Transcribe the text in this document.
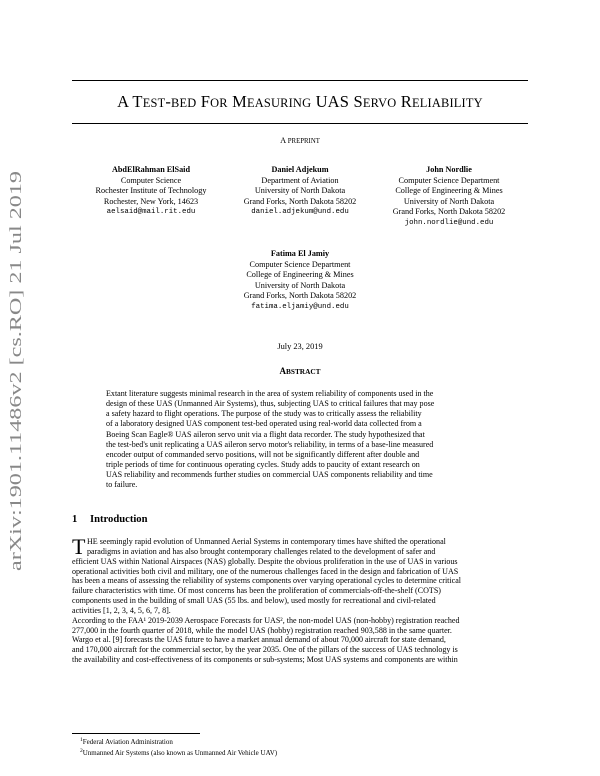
arXiv:1901.11486v2 [cs.RO] 21 Jul 2019
A TEST-BED FOR MEASURING UAS SERVO RELIABILITY
A PREPRINT
AbdElRahman ElSaid
Computer Science
Rochester Institute of Technology
Rochester, New York, 14623
aelsaid@mail.rit.edu
Daniel Adjekum
Department of Aviation
University of North Dakota
Grand Forks, North Dakota 58202
daniel.adjekum@und.edu
John Nordlie
Computer Science Department
College of Engineering & Mines
University of North Dakota
Grand Forks, North Dakota 58202
john.nordlie@und.edu
Fatima El Jamiy
Computer Science Department
College of Engineering & Mines
University of North Dakota
Grand Forks, North Dakota 58202
fatima.eljamiy@und.edu
July 23, 2019
ABSTRACT
Extant literature suggests minimal research in the area of system reliability of components used in the
design of these UAS (Unmanned Air Systems), thus, subjecting UAS to critical failures that may pose
a safety hazard to flight operations. The purpose of the study was to critically assess the reliability
of a laboratory designed UAS component test-bed operated using real-world data collected from a
Boeing Scan Eagle® UAS aileron servo unit via a flight data recorder. The study hypothesized that
the test-bed's unit replicating a UAS aileron servo motor's reliability, in terms of a base-line measured
encoder output of commanded servo positions, will not be significantly different after double and
triple periods of time for continuous operating cycles. Study adds to paucity of extant research on
UAS reliability and recommends further studies on commercial UAS components reliability and time
to failure.
1 Introduction
T HE seemingly rapid evolution of Unmanned Aerial Systems in contemporary times have shifted the operational
paradigms in aviation and has also brought contemporary challenges related to the development of safer and
efficient UAS within National Airspaces (NAS) globally. Despite the obvious proliferation in the use of UAS in various
operational activities both civil and military, one of the numerous challenges faced in the design and fabrication of UAS
has been a means of assessing the reliability of systems components over varying operational cycles to determine critical
failure characteristics with time. Of most concerns has been the proliferation of commercials-off-the-shelf (COTS)
components used in the building of small UAS (55 lbs. and below), used mostly for recreational and civil-related
activities [1, 2, 3, 4, 5, 6, 7, 8].
According to the FAA¹ 2019-2039 Aerospace Forecasts for UAS², the non-model UAS (non-hobby) registration reached
277,000 in the fourth quarter of 2018, while the model UAS (hobby) registration reached 903,588 in the same quarter.
Wargo et al. [9] forecasts the UAS future to have a market annual demand of about 70,000 aircraft for state demand,
and 170,000 aircraft for the commercial sector, by the year 2035. One of the pillars of the success of UAS technology is
the availability and cost-effectiveness of its components or sub-systems; Most UAS systems and components are within
$^1$Federal Aviation Administration
$^2$Unmanned Air Systems (also known as Unmanned Air Vehicle UAV)
